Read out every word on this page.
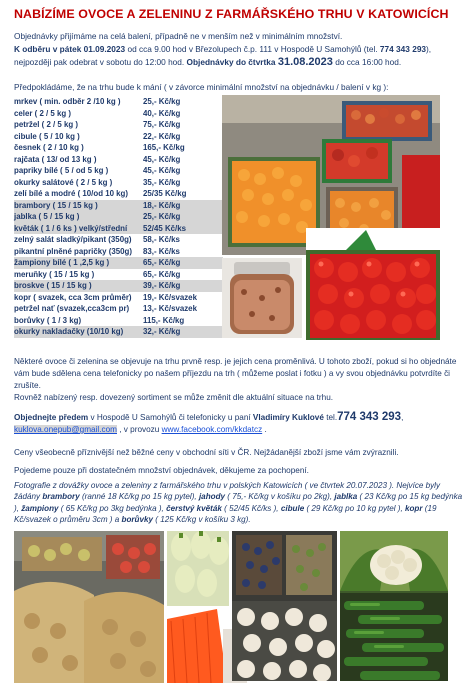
NABÍZÍME OVOCE A ZELENINU Z FARMÁŘSKÉHO TRHU V KATOWICÍCH
Objednávky přijímáme na celá balení, případně ne v menším než v minimálním množství.
K odběru v pátek 01.09.2023 od cca 9.00 hod v Březolupech č.p. 111 v Hospodě U Samohýlů (tel. 774 343 293),
nejpozději pak odebrat v sobotu do 12:00 hod. Objednávky do čtvrtka 31.08.2023 do cca 16:00 hod.
Předpokládáme, že na trhu bude k mání ( v závorce minimální množství na objednávku / balení v kg ):
mrkev ( min. odběr 2 /10 kg )	25,- Kč/kg
celer ( 2 / 5 kg )	40,- Kč/kg
petržel ( 2 / 5 kg )	75,- Kč/kg
cibule ( 5 / 10 kg )	22,- Kč/kg
česnek ( 2 / 10 kg )	165,- Kč/kg
rajčata ( 13/ od 13 kg )	45,- Kč/kg
papriky bílé ( 5 / od 5 kg )	45,- Kč/kg
okurky salátové ( 2 / 5 kg )	35,- Kč/kg
zelí bílé a modré ( 10/od 10 kg) 25/35 Kč/kg
brambory ( 15 / 15 kg )	18,- Kč/kg
jablka ( 5 / 15 kg )	25,- Kč/kg
květák ( 1 / 6 ks ) velký/střední 52/45 Kč/ks
zelný salát sladký/pikant (350g) 58,- Kč/ks
pikantní plněné papričky (350g) 83,- Kč/ks
žampiony bílé ( 1 ,2,5 kg )	65,- Kč/kg
meruňky ( 15 / 15 kg )	65,- Kč/kg
broskve ( 15 / 15 kg )	39,- Kč/kg
kopr ( svazek, cca 3cm průměr) 19,- Kč/svazek
petržel nať (svazek,cca3cm pr) 13,- Kč/svazek
borůvky ( 1 / 3 kg)	115,- Kč/kg
okurky nakladačky (10/10 kg)	32,- Kč/kg
Některé ovoce či zelenina se objevuje na trhu prvně resp. je jejich cena proměnlivá. U tohoto zboží, pokud si ho objednáte vám bude sdělena cena telefonicky po našem příjezdu na trh ( můžeme poslat i fotku ) a vy svou objednávku potvrdíte či zrušíte.
Rovněž nabízený resp. dovezený sortiment se může změnit dle aktuální situace na trhu.
Objednejte předem v Hospodě U Samohýlů či telefonicky u paní Vladimíry Kuklové tel.774 343 293,
kuklova.onepub@gmail.com , v provozu www.facebook.com/kkdatcz .
Ceny všeobecně příznivější než běžné ceny v obchodní síti v ČR. Nejžádanější zboží jsme vám zvýraznili.
Pojedeme pouze při dostatečném množství objednávek, děkujeme za pochopení.
Fotografie z dovážky ovoce a zeleniny z farmářského trhu v polských Katowicích ( ve čtvrtek 20.07.2023 ). Nejvíce byly žádány brambory (ranné 18 Kč/kg po 15 kg pytel), jahody ( 75,- Kč/kg v košíku po 2kg), jablka ( 23 Kč/kg po 15 kg bedýnka ), žampiony ( 65 Kč/kg po 3kg bedýnka ), čerstvý květák ( 52/45 Kč/ks ), cibule ( 29 Kč/kg po 10 kg pytel ), kopr (19 Kč/svazek o průměru 3cm ) a borůvky ( 125 Kč/kg v košíku 3 kg).
